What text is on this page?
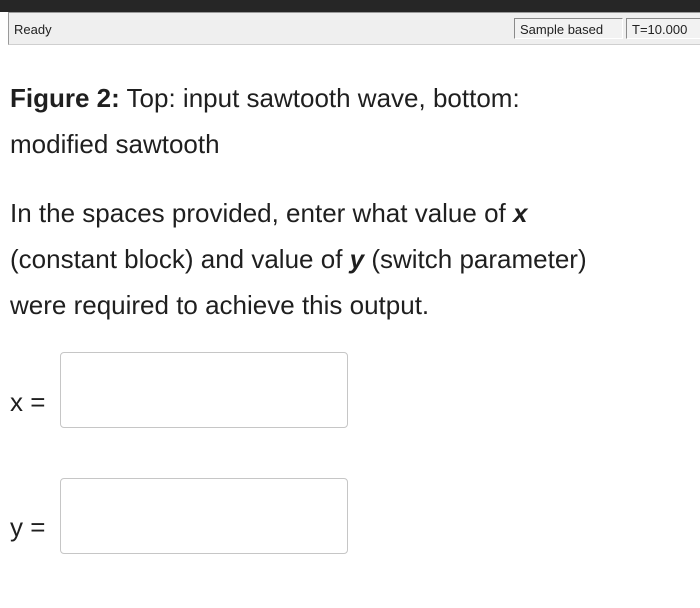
Ready	Sample based	T=10.000
Figure 2: Top: input sawtooth wave, bottom:
modified sawtooth
In the spaces provided, enter what value of x
(constant block) and value of y (switch parameter)
were required to achieve this output.
x =
y =
